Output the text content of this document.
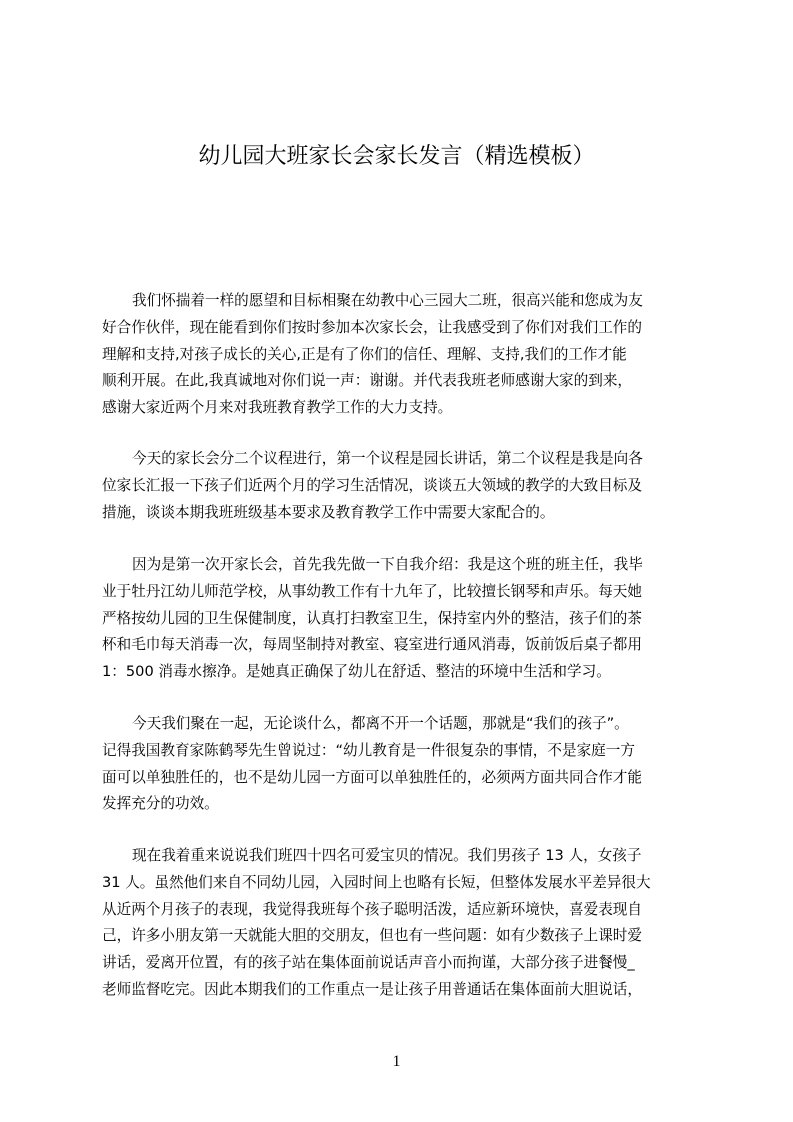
幼儿园大班家长会家长发言（精选模板）
我们怀揣着一样的愿望和目标相聚在幼教中心三园大二班，很高兴能和您成为友
好合作伙伴，现在能看到你们按时参加本次家长会，让我感受到了你们对我们工作的
理解和支持,对孩子成长的关心,正是有了你们的信任、理解、支持,我们的工作才能
顺利开展。在此,我真诚地对你们说一声：谢谢。并代表我班老师感谢大家的到来，
感谢大家近两个月来对我班教育教学工作的大力支持。
今天的家长会分二个议程进行，第一个议程是园长讲话，第二个议程是我是向各
位家长汇报一下孩子们近两个月的学习生活情况，谈谈五大领域的教学的大致目标及
措施，谈谈本期我班班级基本要求及教育教学工作中需要大家配合的。
因为是第一次开家长会，首先我先做一下自我介绍：我是这个班的班主任，我毕
业于牡丹江幼儿师范学校，从事幼教工作有十九年了，比较擅长钢琴和声乐。每天她
严格按幼儿园的卫生保健制度，认真打扫教室卫生，保持室内外的整洁，孩子们的茶
杯和毛巾每天消毒一次，每周坚制持对教室、寝室进行通风消毒，饭前饭后桌子都用
1：500 消毒水擦净。是她真正确保了幼儿在舒适、整洁的环境中生活和学习。
今天我们聚在一起，无论谈什么，都离不开一个话题，那就是“我们的孩子”。
记得我国教育家陈鹤琴先生曾说过：“幼儿教育是一件很复杂的事情，不是家庭一方
面可以单独胜任的，也不是幼儿园一方面可以单独胜任的，必须两方面共同合作才能
发挥充分的功效。
现在我着重来说说我们班四十四名可爱宝贝的情况。我们男孩子 13 人，女孩子
31 人。虽然他们来自不同幼儿园，入园时间上也略有长短，但整体发展水平差异很大
从近两个月孩子的表现，我觉得我班每个孩子聪明活泼，适应新环境快，喜爱表现自
己，许多小朋友第一天就能大胆的交朋友，但也有一些问题：如有少数孩子上课时爱
讲话，爱离开位置，有的孩子站在集体面前说话声音小而拘谨，大部分孩子进餐慢_
老师监督吃完。因此本期我们的工作重点一是让孩子用普通话在集体面前大胆说话，
1
